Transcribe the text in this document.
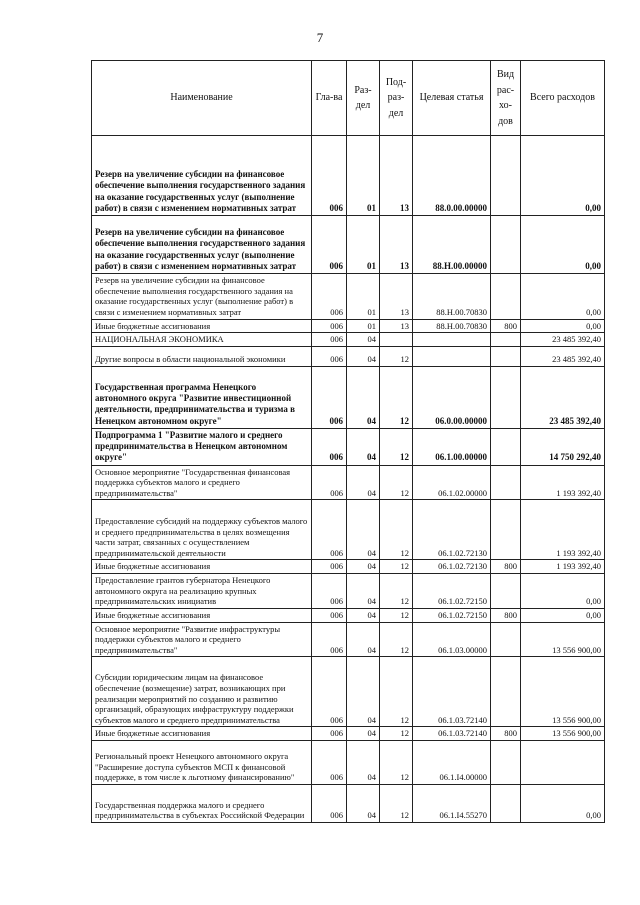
7
Наименование	Гла-ва	Раз-дел	Под-раз-дел	Целевая статья	Вид рас-хо-дов	Всего расходов
Резерв на увеличение субсидии на финансовое обеспечение выполнения государственного задания на оказание государственных услуг (выполнение работ) в связи с изменением нормативных затрат	006	01	13	88.0.00.00000		0,00
Резерв на увеличение субсидии на финансовое обеспечение выполнения государственного задания на оказание государственных услуг (выполнение работ) в связи с изменением нормативных затрат	006	01	13	88.Н.00.00000		0,00
Резерв на увеличение субсидии на финансовое обеспечение выполнения государственного задания на оказание государственных услуг (выполнение работ) в связи с изменением нормативных затрат	006	01	13	88.Н.00.70830		0,00
Иные бюджетные ассигнования	006	01	13	88.Н.00.70830	800	0,00
НАЦИОНАЛЬНАЯ ЭКОНОМИКА	006	04				23 485 392,40
Другие вопросы в области национальной экономики	006	04	12			23 485 392,40
Государственная программа Ненецкого автономного округа "Развитие инвестиционной деятельности, предпринимательства и туризма в Ненецком автономном округе"	006	04	12	06.0.00.00000		23 485 392,40
Подпрограмма 1 "Развитие малого и среднего предпринимательства в Ненецком автономном округе"	006	04	12	06.1.00.00000		14 750 292,40
Основное мероприятие "Государственная финансовая поддержка субъектов малого и среднего предпринимательства"	006	04	12	06.1.02.00000		1 193 392,40
Предоставление субсидий на поддержку субъектов малого и среднего предпринимательства в целях возмещения части затрат, связанных с осуществлением предпринимательской деятельности	006	04	12	06.1.02.72130		1 193 392,40
Иные бюджетные ассигнования	006	04	12	06.1.02.72130	800	1 193 392,40
Предоставление грантов губернатора Ненецкого автономного округа на реализацию крупных предпринимательских инициатив	006	04	12	06.1.02.72150		0,00
Иные бюджетные ассигнования	006	04	12	06.1.02.72150	800	0,00
Основное мероприятие "Развитие инфраструктуры поддержки субъектов малого и среднего предпринимательства"	006	04	12	06.1.03.00000		13 556 900,00
Субсидии юридическим лицам на финансовое обеспечение (возмещение) затрат, возникающих при реализации мероприятий по созданию и развитию организаций, образующих инфраструктуру поддержки субъектов малого и среднего предпринимательства	006	04	12	06.1.03.72140		13 556 900,00
Иные бюджетные ассигнования	006	04	12	06.1.03.72140	800	13 556 900,00
Региональный проект Ненецкого автономного округа "Расширение доступа субъектов МСП к финансовой поддержке, в том числе к льготному финансированию"	006	04	12	06.1.I4.00000		
Государственная поддержка малого и среднего предпринимательства в субъектах Российской Федерации	006	04	12	06.1.I4.55270		0,00
